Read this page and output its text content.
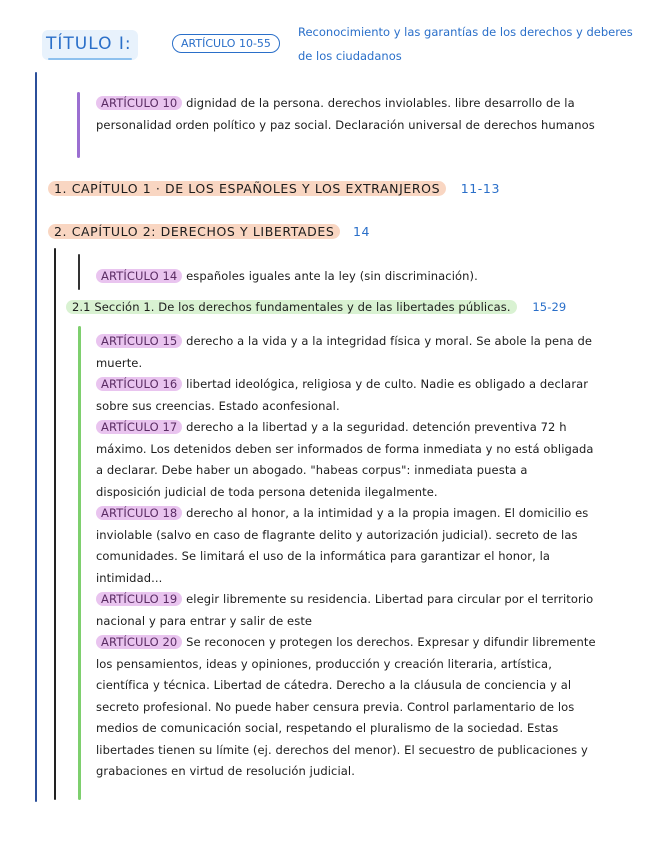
TÍTULO I:	ARTÍCULO 10-55
Reconocimiento y las garantías de los derechos y deberes de los ciudadanos
ARTÍCULO 10 dignidad de la persona. derechos inviolables. libre desarrollo de la personalidad orden político y paz social. Declaración universal de derechos humanos
1. CAPÍTULO 1 · DE LOS ESPAÑOLES Y LOS EXTRANJEROS 11-13
2. CAPÍTULO 2: DERECHOS Y LIBERTADES 14
ARTÍCULO 14 españoles iguales ante la ley (sin discriminación).
2.1 Sección 1. De los derechos fundamentales y de las libertades públicas. 15-29
ARTÍCULO 15 derecho a la vida y a la integridad física y moral. Se abole la pena de muerte.
ARTÍCULO 16 libertad ideológica, religiosa y de culto. Nadie es obligado a declarar sobre sus creencias. Estado aconfesional.
ARTÍCULO 17 derecho a la libertad y a la seguridad. detención preventiva 72 h máximo. Los detenidos deben ser informados de forma inmediata y no está obligada a declarar. Debe haber un abogado. "habeas corpus": inmediata puesta a disposición judicial de toda persona detenida ilegalmente.
ARTÍCULO 18 derecho al honor, a la intimidad y a la propia imagen. El domicilio es inviolable (salvo en caso de flagrante delito y autorización judicial). secreto de las comunidades. Se limitará el uso de la informática para garantizar el honor, la intimidad...
ARTÍCULO 19 elegir libremente su residencia. Libertad para circular por el territorio nacional y para entrar y salir de este
ARTÍCULO 20 Se reconocen y protegen los derechos. Expresar y difundir libremente los pensamientos, ideas y opiniones, producción y creación literaria, artística, científica y técnica. Libertad de cátedra. Derecho a la cláusula de conciencia y al secreto profesional. No puede haber censura previa. Control parlamentario de los medios de comunicación social, respetando el pluralismo de la sociedad. Estas libertades tienen su límite (ej. derechos del menor). El secuestro de publicaciones y grabaciones en virtud de resolución judicial.
